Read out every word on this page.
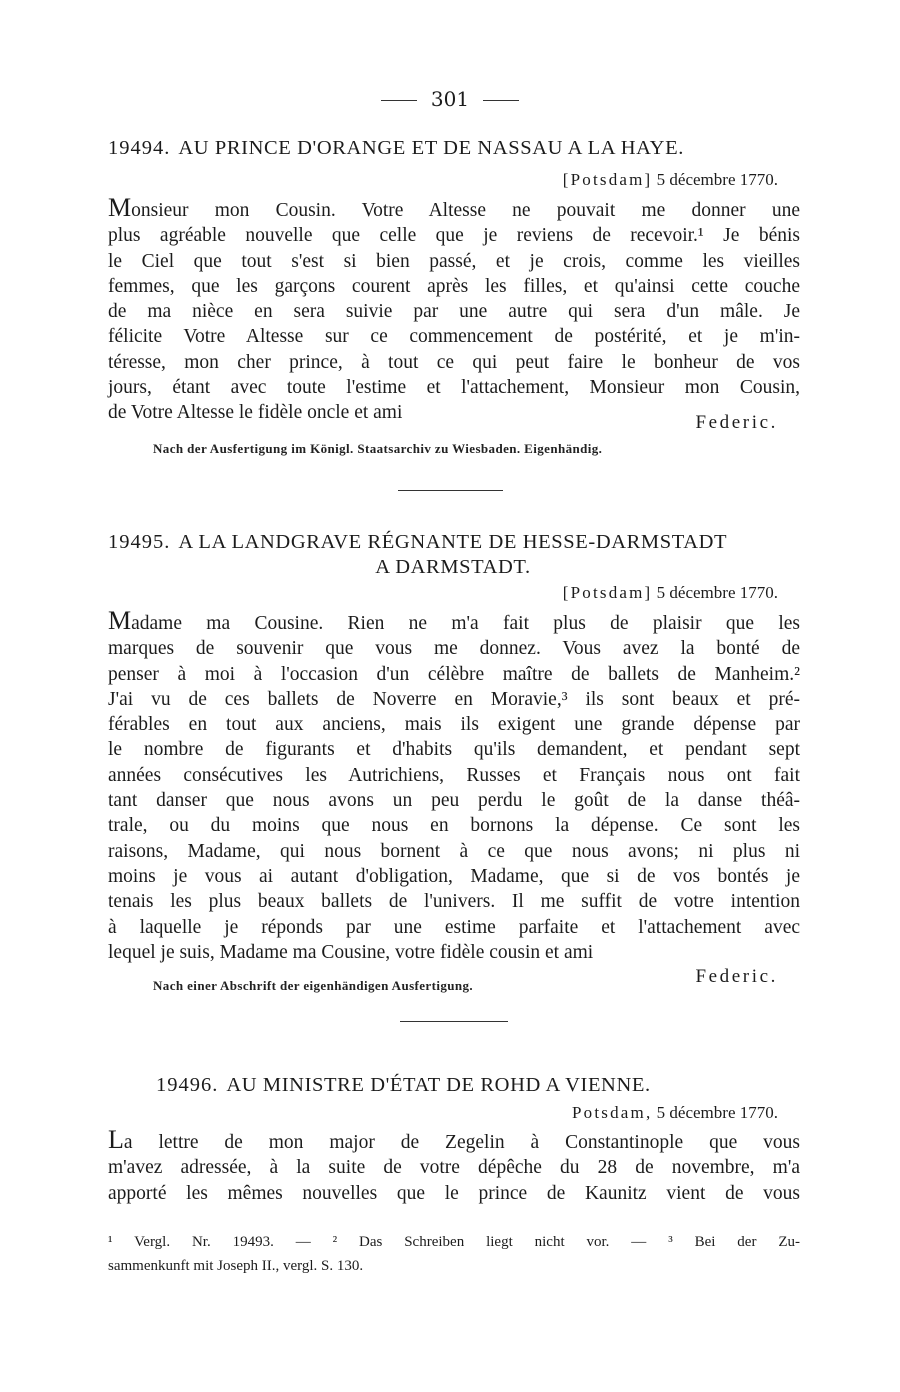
301
19494. AU PRINCE D'ORANGE ET DE NASSAU A LA HAYE.
[Potsdam] 5 décembre 1770.

Monsieur mon Cousin. Votre Altesse ne pouvait me donner une

plus agréable nouvelle que celle que je reviens de recevoir.¹ Je bénis

le Ciel que tout s'est si bien passé, et je crois, comme les vieilles

femmes, que les garçons courent après les filles, et qu'ainsi cette couche

de ma nièce en sera suivie par une autre qui sera d'un mâle. Je

félicite Votre Altesse sur ce commencement de postérité, et je m'in-

téresse, mon cher prince, à tout ce qui peut faire le bonheur de vos

jours, étant avec toute l'estime et l'attachement, Monsieur mon Cousin,

de Votre Altesse le fidèle oncle et ami	Federic.
Nach der Ausfertigung im Königl. Staatsarchiv zu Wiesbaden. Eigenhändig.
19495. A LA LANDGRAVE RÉGNANTE DE HESSE-DARMSTADT
A DARMSTADT.
[Potsdam] 5 décembre 1770.

Madame ma Cousine. Rien ne m'a fait plus de plaisir que les

marques de souvenir que vous me donnez. Vous avez la bonté de

penser à moi à l'occasion d'un célèbre maître de ballets de Manheim.²

J'ai vu de ces ballets de Noverre en Moravie,³ ils sont beaux et pré-

férables en tout aux anciens, mais ils exigent une grande dépense par

le nombre de figurants et d'habits qu'ils demandent, et pendant sept

années consécutives les Autrichiens, Russes et Français nous ont fait

tant danser que nous avons un peu perdu le goût de la danse théâ-

trale, ou du moins que nous en bornons la dépense. Ce sont les

raisons, Madame, qui nous bornent à ce que nous avons; ni plus ni

moins je vous ai autant d'obligation, Madame, que si de vos bontés je

tenais les plus beaux ballets de l'univers. Il me suffit de votre intention

à laquelle je réponds par une estime parfaite et l'attachement avec

lequel je suis, Madame ma Cousine, votre fidèle cousin et ami

Federic.
Nach einer Abschrift der eigenhändigen Ausfertigung.
19496. AU MINISTRE D'ÉTAT DE ROHD A VIENNE.
Potsdam, 5 décembre 1770.

La lettre de mon major de Zegelin à Constantinople que vous

m'avez adressée, à la suite de votre dépêche du 28 de novembre, m'a

apporté les mêmes nouvelles que le prince de Kaunitz vient de vous

¹ Vergl. Nr. 19493. — ² Das Schreiben liegt nicht vor. — ³ Bei der Zu-

sammenkunft mit Joseph II., vergl. S. 130.
